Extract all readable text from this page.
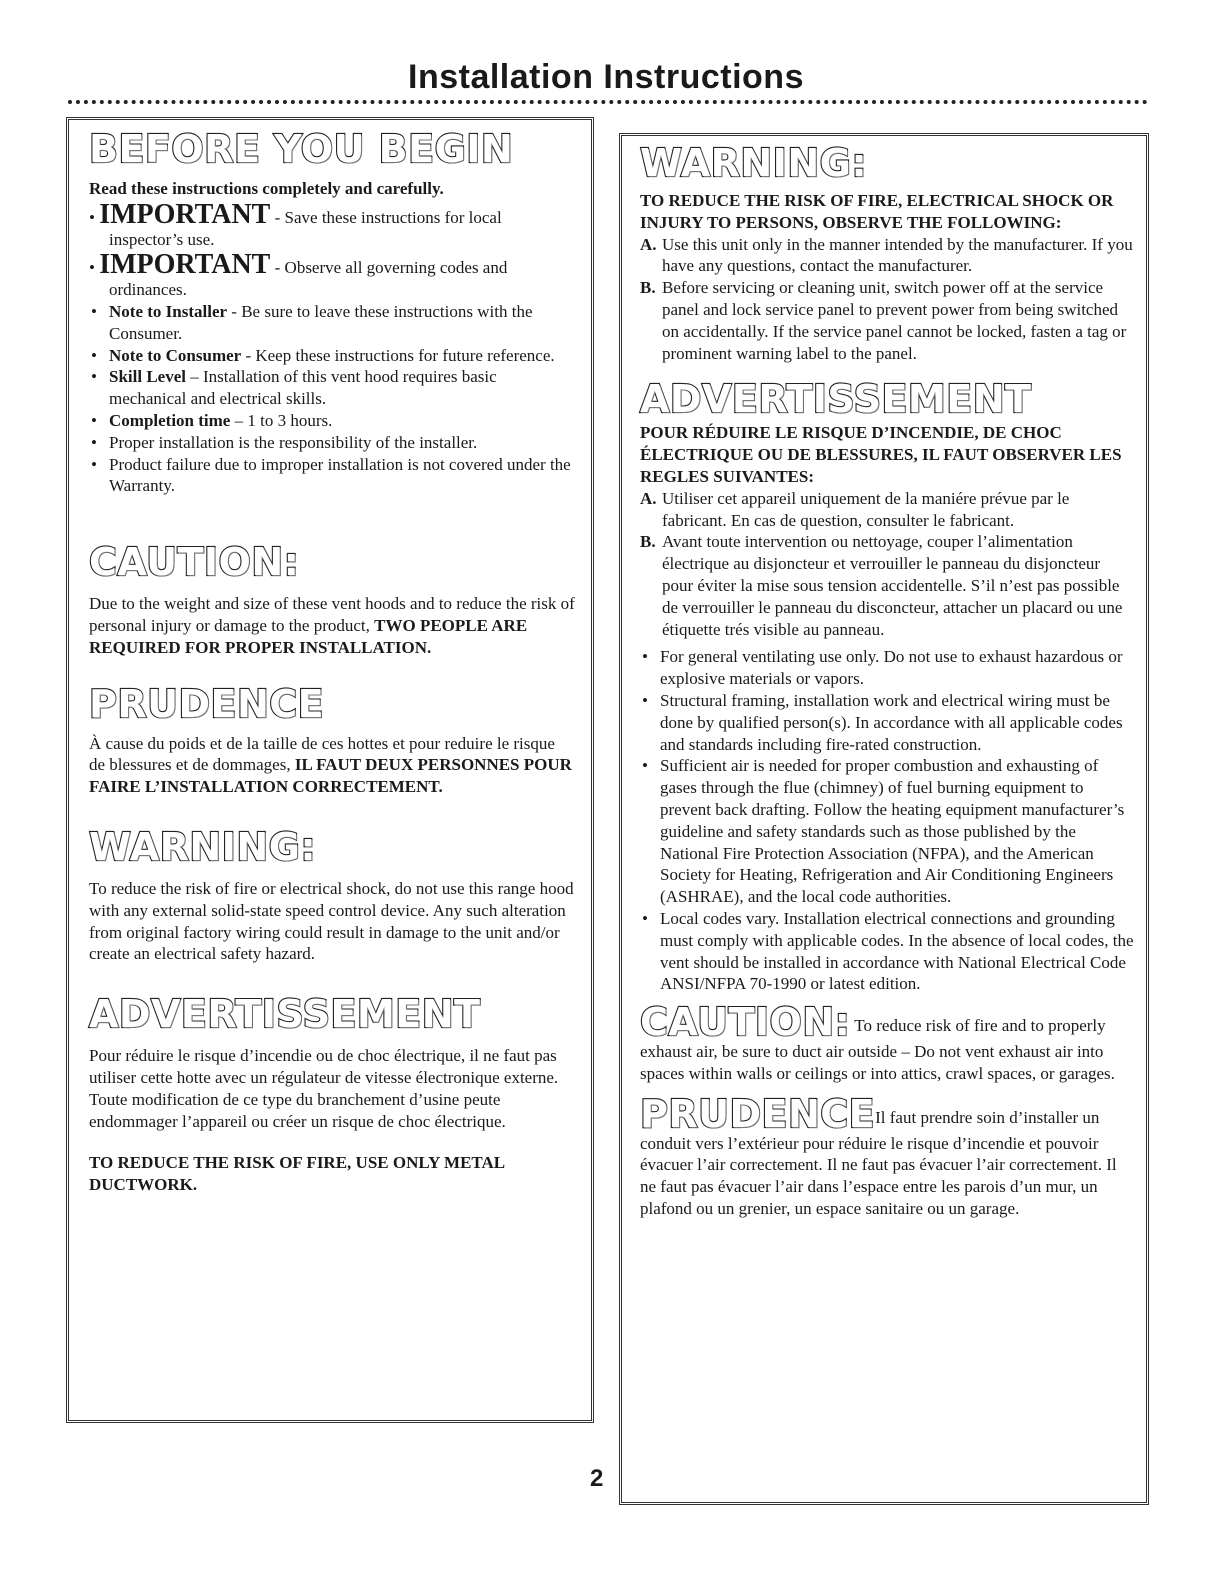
Installation Instructions
BEFORE YOU BEGIN

Read these instructions completely and carefully.

• IMPORTANT - Save these instructions for local inspector’s use.

• IMPORTANT - Observe all governing codes and ordinances.

• Note to Installer - Be sure to leave these instructions with the Consumer.
• Note to Consumer - Keep these instructions for future reference.
• Skill Level – Installation of this vent hood requires basic mechanical and electrical skills.
• Completion time – 1 to 3 hours.
• Proper installation is the responsibility of the installer.
• Product failure due to improper installation is not covered under the Warranty.
CAUTION:

Due to the weight and size of these vent hoods and to reduce the risk of personal injury or damage to the product, TWO PEOPLE ARE REQUIRED FOR PROPER INSTALLATION.

PRUDENCE

À cause du poids et de la taille de ces hottes et pour reduire le risque de blessures et de dommages, IL FAUT DEUX PERSONNES POUR FAIRE L’INSTALLATION CORRECTEMENT.

WARNING:

To reduce the risk of fire or electrical shock, do not use this range hood with any external solid-state speed control device. Any such alteration from original factory wiring could result in damage to the unit and/or create an electrical safety hazard.

ADVERTISSEMENT

Pour réduire le risque d’incendie ou de choc électrique, il ne faut pas utiliser cette hotte avec un régulateur de vitesse électronique externe. Toute modification de ce type du branchement d’usine peute endommager l’appareil ou créer un risque de choc électrique.

TO REDUCE THE RISK OF FIRE, USE ONLY METAL DUCTWORK.

WARNING:

TO REDUCE THE RISK OF FIRE, ELECTRICAL SHOCK OR INJURY TO PERSONS, OBSERVE THE FOLLOWING:

A. Use this unit only in the manner intended by the manufacturer. If you have any questions, contact the manufacturer.
B. Before servicing or cleaning unit, switch power off at the service panel and lock service panel to prevent power from being switched on accidentally. If the service panel cannot be locked, fasten a tag or prominent warning label to the panel.
ADVERTISSEMENT

POUR RÉDUIRE LE RISQUE D’INCENDIE, DE CHOC ÉLECTRIQUE OU DE BLESSURES, IL FAUT OBSERVER LES REGLES SUIVANTES:

A. Utiliser cet appareil uniquement de la maniére prévue par le fabricant. En cas de question, consulter le fabricant.
B. Avant toute intervention ou nettoyage, couper l’alimentation électrique au disjoncteur et verrouiller le panneau du disjoncteur pour éviter la mise sous tension accidentelle. S’il n’est pas possible de verrouiller le panneau du disconcteur, attacher un placard ou une étiquette trés visible au panneau.
• For general ventilating use only. Do not use to exhaust hazardous or explosive materials or vapors.
• Structural framing, installation work and electrical wiring must be done by qualified person(s). In accordance with all applicable codes and standards including fire-rated construction.
• Sufficient air is needed for proper combustion and exhausting of gases through the flue (chimney) of fuel burning equipment to prevent back drafting. Follow the heating equipment manufacturer’s guideline and safety standards such as those published by the National Fire Protection Association (NFPA), and the American Society for Heating, Refrigeration and Air Conditioning Engineers (ASHRAE), and the local code authorities.
• Local codes vary. Installation electrical connections and grounding must comply with applicable codes. In the absence of local codes, the vent should be installed in accordance with National Electrical Code ANSI/NFPA 70-1990 or latest edition.

CAUTION: To reduce risk of fire and to properly exhaust air, be sure to duct air outside – Do not vent exhaust air into spaces within walls or ceilings or into attics, crawl spaces, or garages.

PRUDENCEIl faut prendre soin d’installer un conduit vers l’extérieur pour réduire le risque d’incendie et pouvoir évacuer l’air correctement. Il ne faut pas évacuer l’air correctement. Il ne faut pas évacuer l’air dans l’espace entre les parois d’un mur, un plafond ou un grenier, un espace sanitaire ou un garage.

2
